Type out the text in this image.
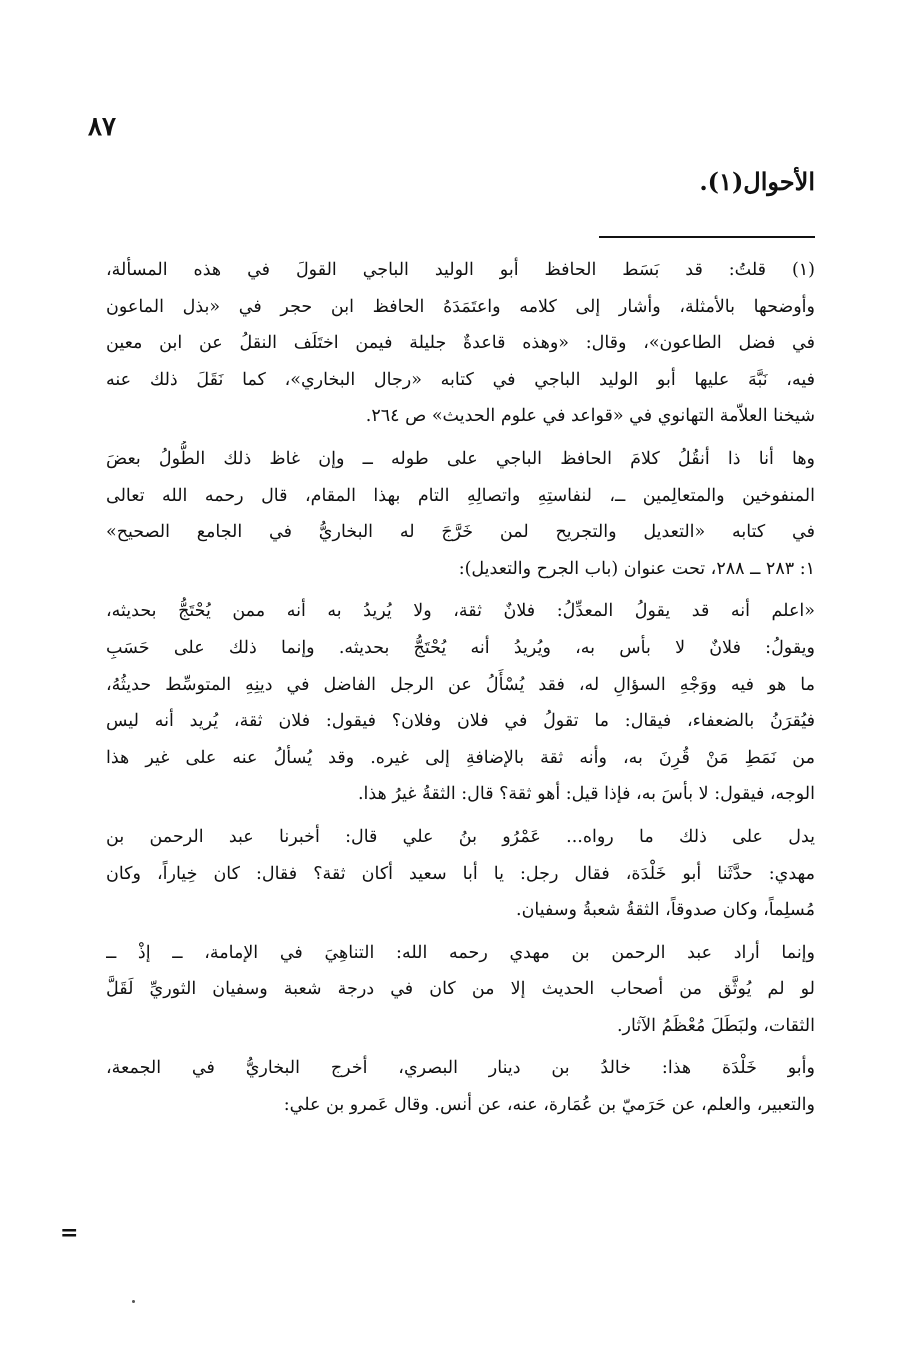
٨٧
الأحوال(١).

(١) قلتُ: قد بَسَط الحافظ أبو الوليد الباجي القولَ في هذه المسألة،
وأوضحها بالأمثلة، وأشار إلى كلامه واعتَمَدَهُ الحافظ ابن حجر في «بذل الماعون
في فضل الطاعون»، وقال: «وهذه قاعدةٌ جليلة فيمن اختَلَف النقلُ عن ابن معين
فيه، نَبَّهَ عليها أبو الوليد الباجي في كتابه «رجال البخاري»، كما نَقَلَ ذلك عنه
شيخنا العلاّمة التهانوي في «قواعد في علوم الحديث» ص ٢٦٤.

وها أنا ذا أنقُلُ كلامَ الحافظ الباجي على طوله ــ وإن غاظ ذلك الطُّولُ بعضَ
المنفوخين والمتعالِمين ــ، لنفاستِهِ واتصالِهِ التام بهذا المقام، قال رحمه الله تعالى
في كتابه «التعديل والتجريح لمن خَرَّجَ له البخاريُّ في الجامع الصحيح»
١: ٢٨٣ ــ ٢٨٨، تحت عنوان (باب الجرح والتعديل):

«اعلم أنه قد يقولُ المعدِّلُ: فلانٌ ثقة، ولا يُريدُ به أنه ممن يُحْتَجُّ بحديثه،
ويقولُ: فلانٌ لا بأس به، ويُريدُ أنه يُحْتَجُّ بحديثه. وإنما ذلك على حَسَبِ
ما هو فيه ووَجْهِ السؤالِ له، فقد يُسْأَلُ عن الرجل الفاضل في دينِهِ المتوسِّط حديثُهُ،
فيُقرَنُ بالضعفاء، فيقال: ما تقولُ في فلان وفلان؟ فيقول: فلان ثقة، يُريد أنه ليس
من نَمَطِ مَنْ قُرِنَ به، وأنه ثقة بالإضافةِ إلى غيره. وقد يُسألُ عنه على غير هذا
الوجه، فيقول: لا بأسَ به، فإذا قيل: أهو ثقة؟ قال: الثقةُ غيرُ هذا.

يدل على ذلك ما رواه... عَمْرُو بنُ علي قال: أخبرنا عبد الرحمن بن
مهدي: حدَّثَنا أبو خَلْدَة، فقال رجل: يا أبا سعيد أكان ثقة؟ فقال: كان خِياراً، وكان
مُسلِماً، وكان صدوقاً، الثقةُ شعبةُ وسفيان.

وإنما أراد عبد الرحمن بن مهدي رحمه الله: التناهِيَ في الإمامة، ــ إذْ ــ
لو لم يُوثَّق من أصحاب الحديث إلا من كان في درجة شعبة وسفيان الثوريِّ لَقَلَّ
الثقات، ولبَطَلَ مُعْظَمُ الآثار.

وأبو خَلْدَة هذا: خالدُ بن دينار البصري، أخرج البخاريُّ في الجمعة،
والتعبير، والعلم، عن حَرَميّ بن عُمَارة، عنه، عن أنس. وقال عَمرو بن علي:

=
